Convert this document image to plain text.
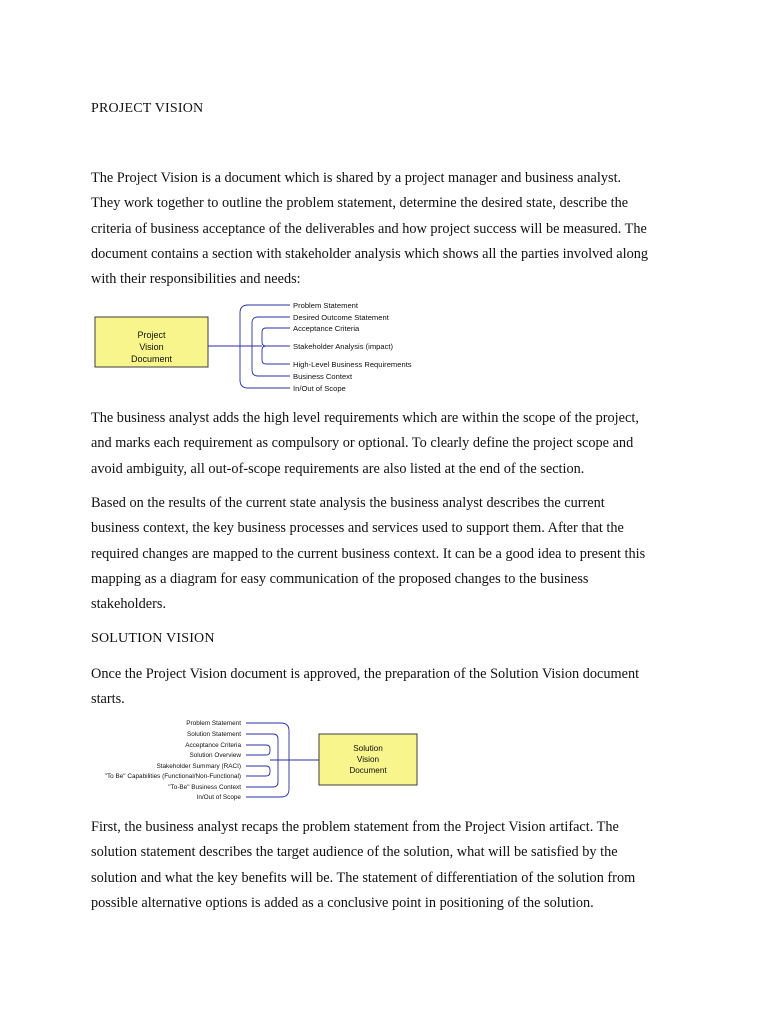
PROJECT VISION

The Project Vision is a document which is shared by a project manager and business analyst.
They work together to outline the problem statement, determine the desired state, describe the
criteria of business acceptance of the deliverables and how project success will be measured. The
document contains a section with stakeholder analysis which shows all the parties involved along
with their responsibilities and needs:

Project
Vision
Document
Problem Statement
Desired Outcome Statement
Acceptance Criteria
Stakeholder Analysis (impact)
High-Level Business Requirements
Business Context
In/Out of Scope

The business analyst adds the high level requirements which are within the scope of the project,
and marks each requirement as compulsory or optional. To clearly define the project scope and
avoid ambiguity, all out-of-scope requirements are also listed at the end of the section.

Based on the results of the current state analysis the business analyst describes the current
business context, the key business processes and services used to support them. After that the
required changes are mapped to the current business context. It can be a good idea to present this
mapping as a diagram for easy communication of the proposed changes to the business
stakeholders.

SOLUTION VISION

Once the Project Vision document is approved, the preparation of the Solution Vision document
starts.

Problem Statement
Solution Statement
Acceptance Criteria
Solution Overview
Stakeholder Summary (RACI)
"To Be" Capabilities (Functional/Non-Functional)
"To-Be" Business Context
In/Out of Scope
Solution
Vision
Document

First, the business analyst recaps the problem statement from the Project Vision artifact. The
solution statement describes the target audience of the solution, what will be satisfied by the
solution and what the key benefits will be. The statement of differentiation of the solution from
possible alternative options is added as a conclusive point in positioning of the solution.
